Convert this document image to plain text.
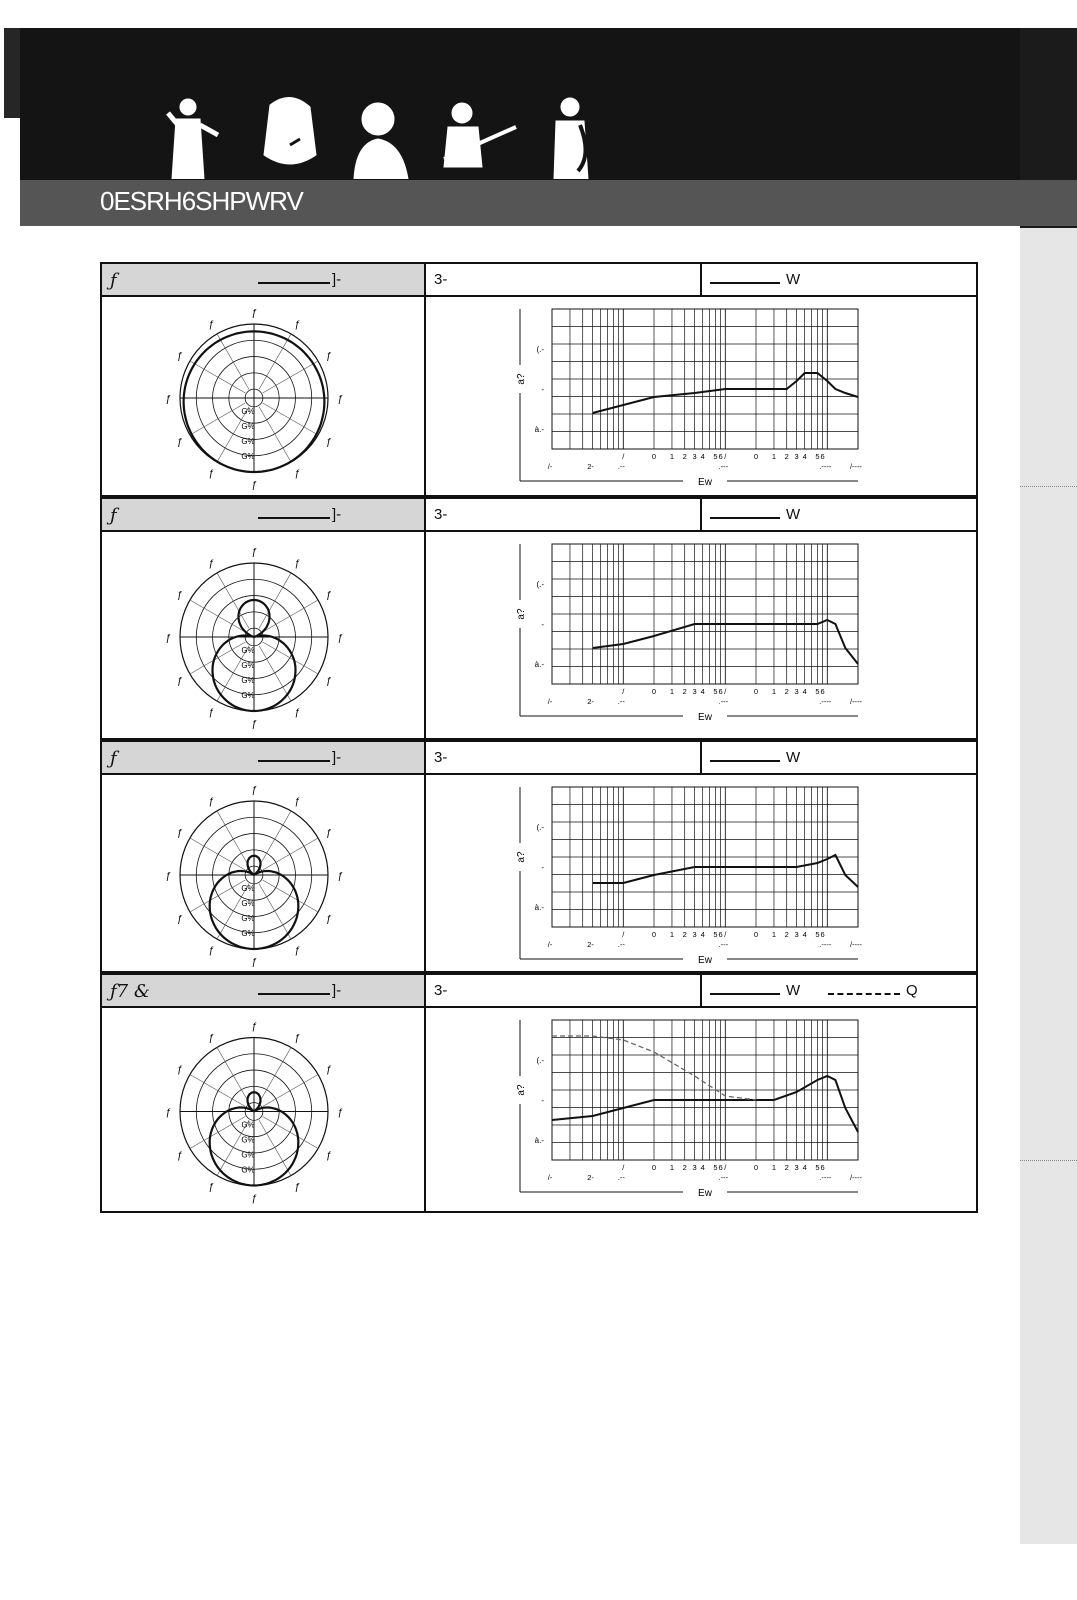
0ESRH6SHPWRV
ƒ	]‑	3‑	W
ƒ
ƒ
ƒ
ƒ
ƒ
ƒ
ƒ
ƒ
ƒ
ƒ
ƒ
ƒ
G%
G%
G%
G%
(.-
-
à.-
a?
/	0 1 2 3 4 5 6 /	0 1 2 3 4 5 6
/-	2-	.--	.---	.---- /----
Ew
ƒ	]‑	3‑	W
ƒ
ƒ
ƒ
ƒ
ƒ
ƒ
ƒ
ƒ
ƒ
ƒ
ƒ
ƒ
G%
G%
G%
G%
(.-
-
à.-
a?
/	0 1 2 3 4 5 6 /	0 1 2 3 4 5 6
/-	2-	.--	.---	.---- /----
Ew
ƒ	]‑	3‑	W
ƒ
ƒ
ƒ
ƒ
ƒ
ƒ
ƒ
ƒ
ƒ
ƒ
ƒ
ƒ
G%
G%
G%
G%
(.-
-
à.-
a?
/	0 1 2 3 4 5 6 /	0 1 2 3 4 5 6
/-	2-	.--	.---	.---- /----
Ew
ƒ7 &	]‑	3‑	W	Q
ƒ
ƒ
ƒ
ƒ
ƒ
ƒ
ƒ
ƒ
ƒ
ƒ
ƒ
ƒ
G%
G%
G%
G%
(.-
-
à.-
a?
/	0 1 2 3 4 5 6 /	0 1 2 3 4 5 6
/-	2-	.--	.---	.---- /----
Ew
